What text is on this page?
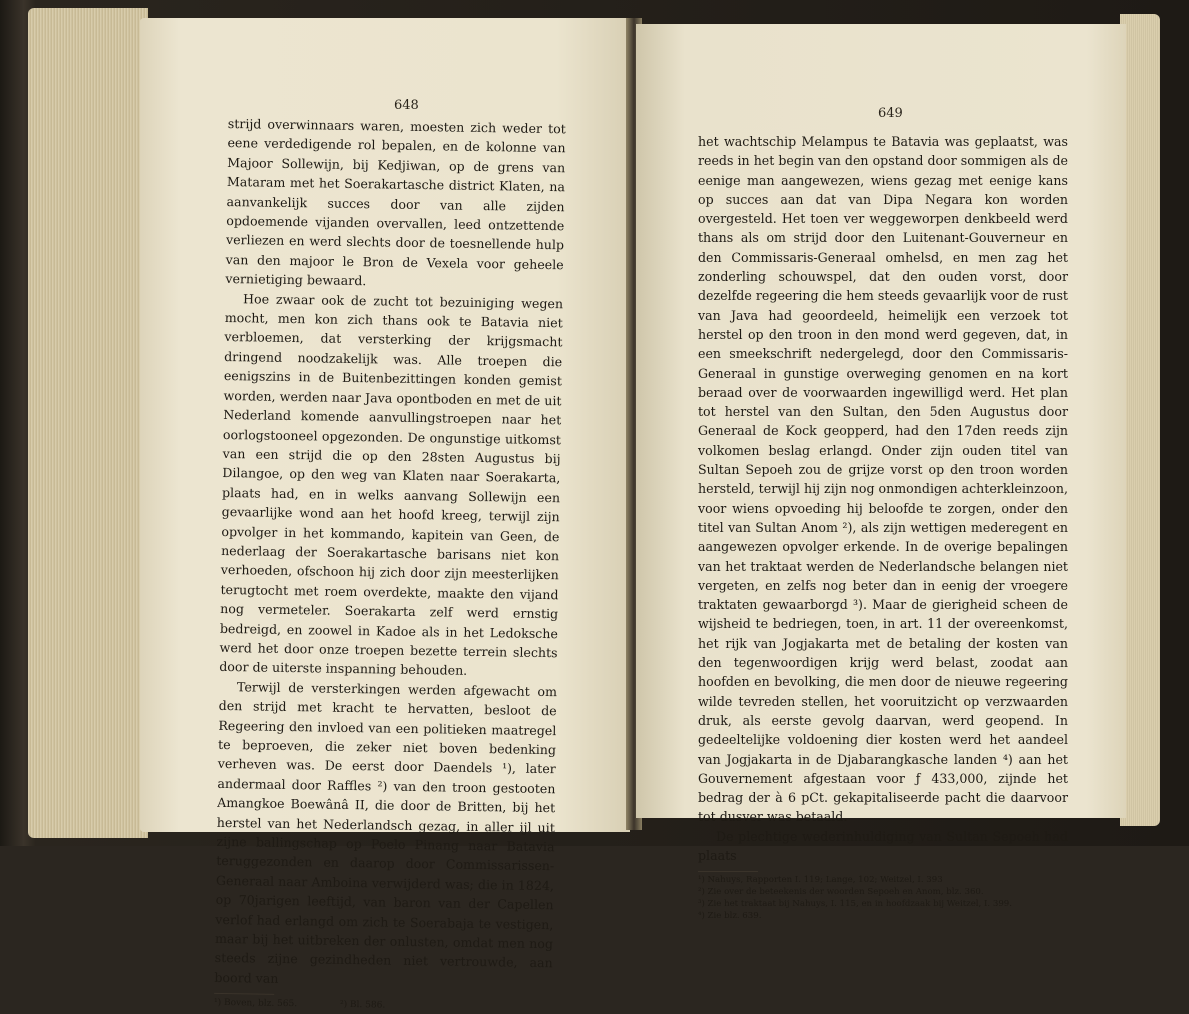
648

strijd overwinnaars waren, moesten zich weder tot eene verdedigende rol bepalen, en de kolonne van Majoor Sollewijn, bij Kedjiwan, op de grens van Mataram met het Soerakartasche district Klaten, na aanvankelijk succes door van alle zijden opdoemende vijanden overvallen, leed ontzettende verliezen en werd slechts door de toesnellende hulp van den majoor le Bron de Vexela voor geheele vernietiging bewaard.

Hoe zwaar ook de zucht tot bezuiniging wegen mocht, men kon zich thans ook te Batavia niet verbloemen, dat versterking der krijgsmacht dringend noodzakelijk was. Alle troepen die eenigszins in de Buitenbezittingen konden gemist worden, werden naar Java opontboden en met de uit Nederland komende aanvullingstroepen naar het oorlogstooneel opgezonden. De ongunstige uitkomst van een strijd die op den 28sten Augustus bij Dilangoe, op den weg van Klaten naar Soerakarta, plaats had, en in welks aanvang Sollewijn een gevaarlijke wond aan het hoofd kreeg, terwijl zijn opvolger in het kommando, kapitein van Geen, de nederlaag der Soerakartasche barisans niet kon verhoeden, ofschoon hij zich door zijn meesterlijken terugtocht met roem overdekte, maakte den vijand nog vermeteler. Soerakarta zelf werd ernstig bedreigd, en zoowel in Kadoe als in het Ledoksche werd het door onze troepen bezette terrein slechts door de uiterste inspanning behouden.

Terwijl de versterkingen werden afgewacht om den strijd met kracht te hervatten, besloot de Regeering den invloed van een politieken maatregel te beproeven, die zeker niet boven bedenking verheven was. De eerst door Daendels ¹), later andermaal door Raffles ²) van den troon gestooten Amangkoe Boewânâ II, die door de Britten, bij het herstel van het Nederlandsch gezag, in aller ijl uit zijne ballingschap op Poelo Pinang naar Batavia teruggezonden en daarop door Commissarissen-Generaal naar Amboina verwijderd was; die in 1824, op 70jarigen leeftijd, van baron van der Capellen verlof had erlangd om zich te Soerabaja te vestigen, maar bij het uitbreken der onlusten, omdat men nog steeds zijne gezindheden niet vertrouwde, aan boord van

¹) Boven, blz. 565.	²) Bl. 586.
649

het wachtschip Melampus te Batavia was geplaatst, was reeds in het begin van den opstand door sommigen als de eenige man aangewezen, wiens gezag met eenige kans op succes aan dat van Dipa Negara kon worden overgesteld. Het toen ver weggeworpen denkbeeld werd thans als om strijd door den Luitenant-Gouverneur en den Commissaris-Generaal omhelsd, en men zag het zonderling schouwspel, dat den ouden vorst, door dezelfde regeering die hem steeds gevaarlijk voor de rust van Java had geoordeeld, heimelijk een verzoek tot herstel op den troon in den mond werd gegeven, dat, in een smeekschrift nedergelegd, door den Commissaris-Generaal in gunstige overweging genomen en na kort beraad over de voorwaarden ingewilligd werd. Het plan tot herstel van den Sultan, den 5den Augustus door Generaal de Kock geopperd, had den 17den reeds zijn volkomen beslag erlangd. Onder zijn ouden titel van Sultan Sepoeh zou de grijze vorst op den troon worden hersteld, terwijl hij zijn nog onmondigen achterkleinzoon, voor wiens opvoeding hij beloofde te zorgen, onder den titel van Sultan Anom ²), als zijn wettigen mederegent en aangewezen opvolger erkende. In de overige bepalingen van het traktaat werden de Nederlandsche belangen niet vergeten, en zelfs nog beter dan in eenig der vroegere traktaten gewaarborgd ³). Maar de gierigheid scheen de wijsheid te bedriegen, toen, in art. 11 der overeenkomst, het rijk van Jogjakarta met de betaling der kosten van den tegenwoordigen krijg werd belast, zoodat aan hoofden en bevolking, die men door de nieuwe regeering wilde tevreden stellen, het vooruitzicht op verzwaarden druk, als eerste gevolg daarvan, werd geopend. In gedeeltelijke voldoening dier kosten werd het aandeel van Jogjakarta in de Djabarangkasche landen ⁴) aan het Gouvernement afgestaan voor ƒ 433,000, zijnde het bedrag der à 6 pCt. gekapitaliseerde pacht die daarvoor tot dusver was betaald.

De plechtige wederinhuldiging van Sultan Sepoeh had plaats

¹) Nahuys, Rapporten I. 119; Lange, 102; Weitzel, I. 393
²) Zie over de beteekenis der woorden Sepoeh en Anom, blz. 360.
³) Zie het traktaat bij Nahuys, I. 115, en in hoofdzaak bij Weitzel, I. 399.
⁴) Zie blz. 639.
